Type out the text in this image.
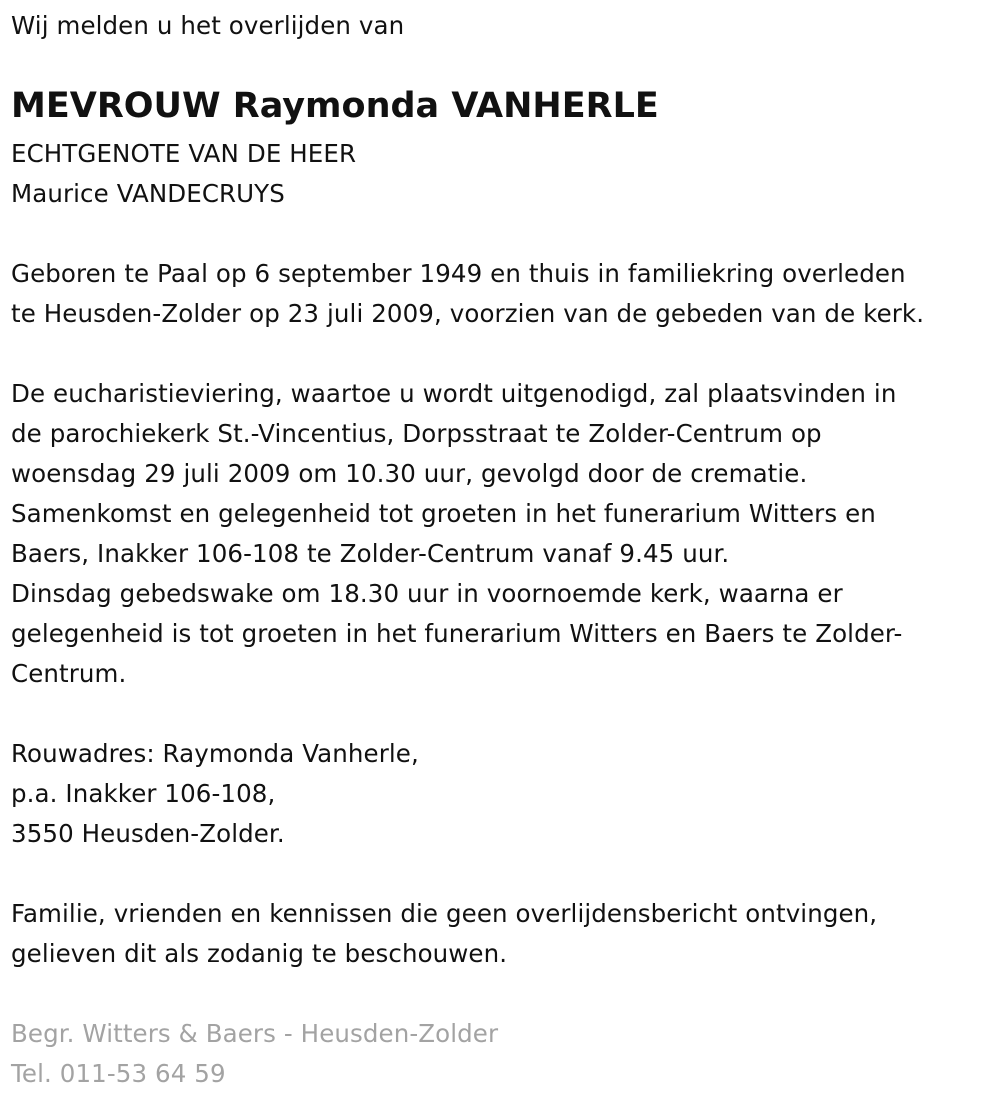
Wij melden u het overlijden van
MEVROUW Raymonda VANHERLE
ECHTGENOTE VAN DE HEER
Maurice VANDECRUYS
Geboren te Paal op 6 september 1949 en thuis in familiekring overleden
te Heusden-Zolder op 23 juli 2009, voorzien van de gebeden van de kerk.
De eucharistieviering, waartoe u wordt uitgenodigd, zal plaatsvinden in
de parochiekerk St.-Vincentius, Dorpsstraat te Zolder-Centrum op
woensdag 29 juli 2009 om 10.30 uur, gevolgd door de crematie.
Samenkomst en gelegenheid tot groeten in het funerarium Witters en
Baers, Inakker 106-108 te Zolder-Centrum vanaf 9.45 uur.
Dinsdag gebedswake om 18.30 uur in voornoemde kerk, waarna er
gelegenheid is tot groeten in het funerarium Witters en Baers te Zolder-
Centrum.
Rouwadres: Raymonda Vanherle,
p.a. Inakker 106-108,
3550 Heusden-Zolder.
Familie, vrienden en kennissen die geen overlijdensbericht ontvingen,
gelieven dit als zodanig te beschouwen.
Begr. Witters & Baers - Heusden-Zolder
Tel. 011-53 64 59
